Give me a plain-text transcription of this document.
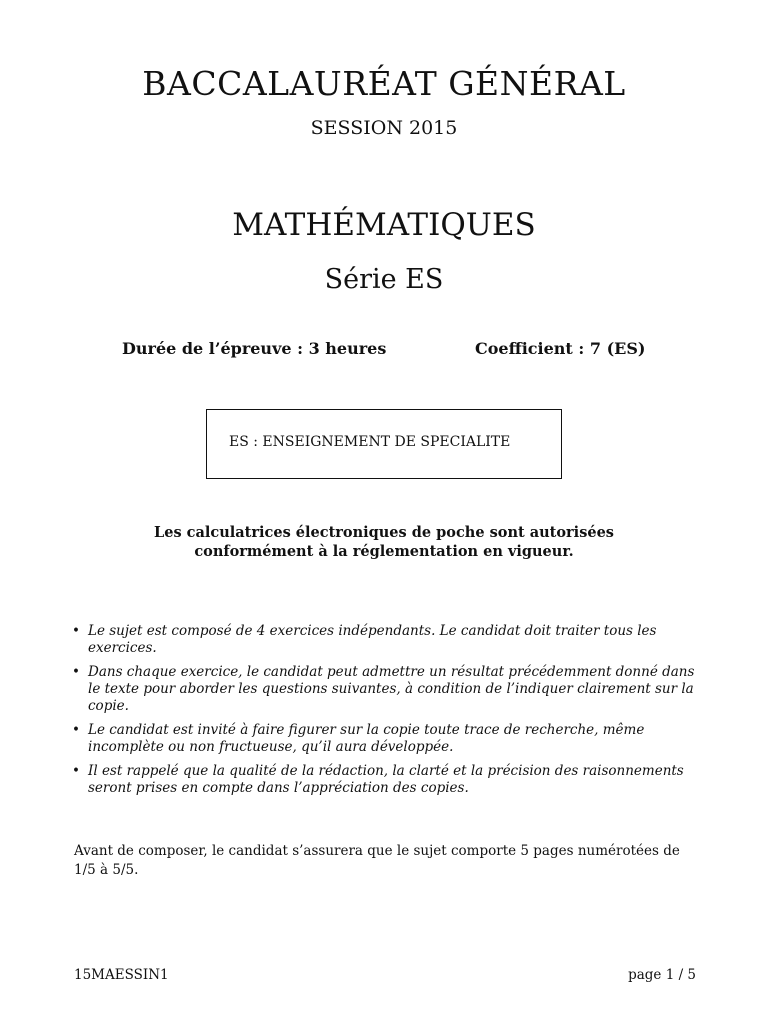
BACCALAURÉAT GÉNÉRAL
SESSION 2015
MATHÉMATIQUES
Série ES
Durée de l’épreuve : 3 heures	Coefficient : 7 (ES)
ES : ENSEIGNEMENT DE SPECIALITE
Les calculatrices électroniques de poche sont autorisées
conformément à la réglementation en vigueur.
• Le sujet est composé de 4 exercices indépendants. Le candidat doit traiter tous les exercices.
• Dans chaque exercice, le candidat peut admettre un résultat précédemment donné dans le texte pour aborder les questions suivantes, à condition de l’indiquer clairement sur la copie.
• Le candidat est invité à faire figurer sur la copie toute trace de recherche, même incomplète ou non fructueuse, qu’il aura développée.
• Il est rappelé que la qualité de la rédaction, la clarté et la précision des raisonnements seront prises en compte dans l’appréciation des copies.
Avant de composer, le candidat s’assurera que le sujet comporte 5 pages numérotées de 1/5 à 5/5.
15MAESSIN1	page 1 / 5
